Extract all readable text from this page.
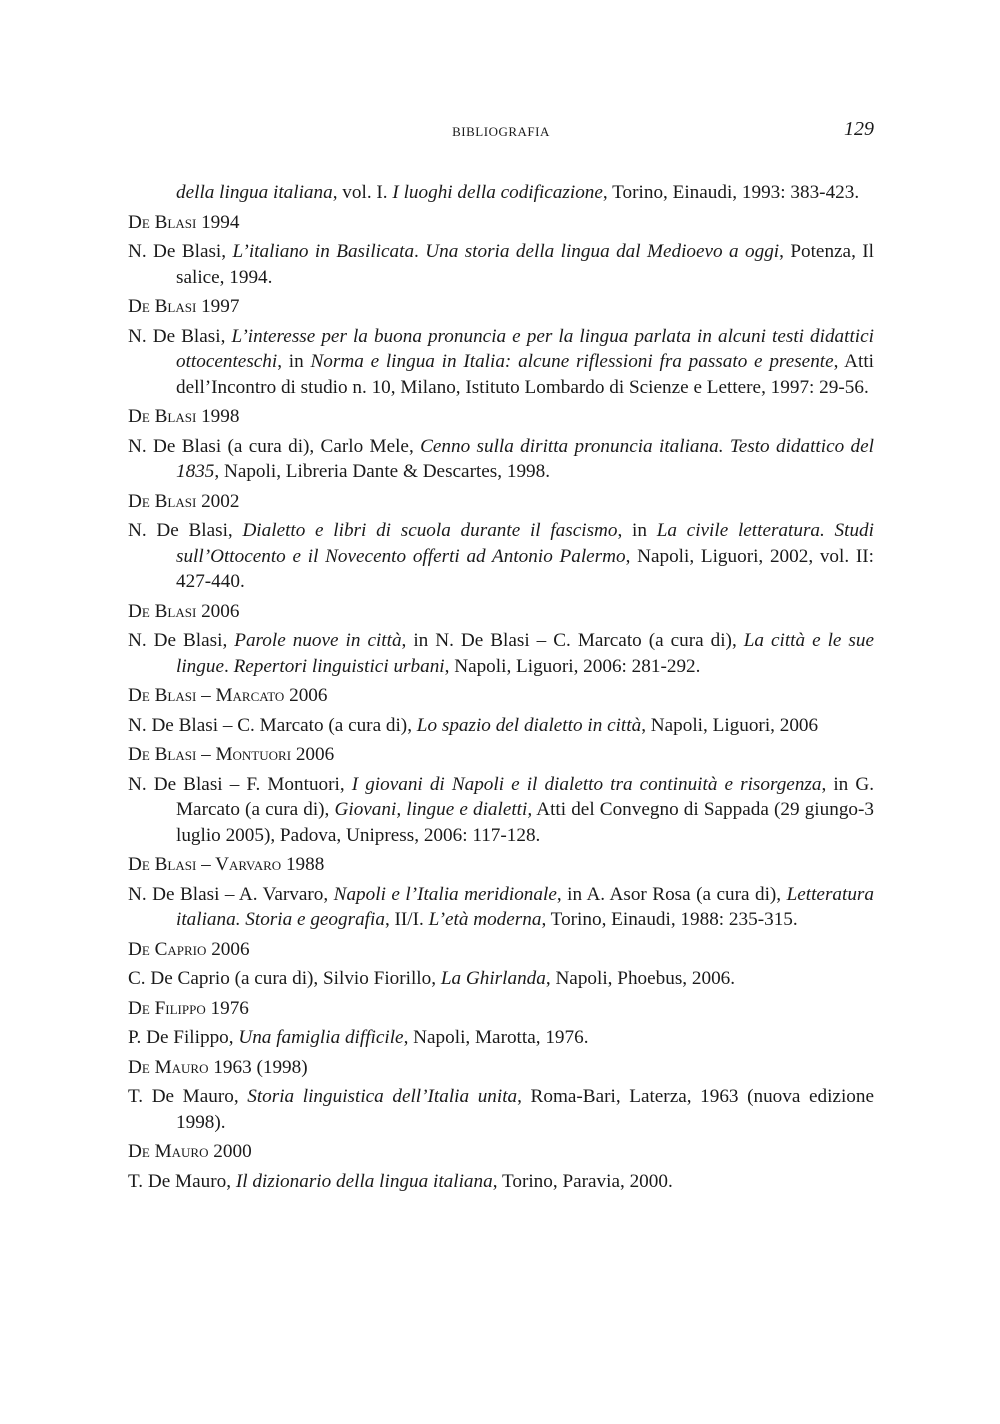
BIBLIOGRAFIA	129

della lingua italiana, vol. I. I luoghi della codificazione, Torino, Einaudi, 1993: 383-423.

De Blasi 1994

N. De Blasi, L’italiano in Basilicata. Una storia della lingua dal Medioevo a oggi, Potenza, Il salice, 1994.

De Blasi 1997

N. De Blasi, L’interesse per la buona pronuncia e per la lingua parlata in alcuni testi didattici ottocenteschi, in Norma e lingua in Italia: alcune riflessioni fra passato e presente, Atti dell’Incontro di studio n. 10, Milano, Istituto Lombardo di Scienze e Lettere, 1997: 29-56.

De Blasi 1998

N. De Blasi (a cura di), Carlo Mele, Cenno sulla diritta pronuncia italiana. Testo didattico del 1835, Napoli, Libreria Dante & Descartes, 1998.

De Blasi 2002

N. De Blasi, Dialetto e libri di scuola durante il fascismo, in La civile letteratura. Studi sull’Ottocento e il Novecento offerti ad Antonio Palermo, Napoli, Liguori, 2002, vol. II: 427-440.

De Blasi 2006

N. De Blasi, Parole nuove in città, in N. De Blasi – C. Marcato (a cura di), La città e le sue lingue. Repertori linguistici urbani, Napoli, Liguori, 2006: 281-292.

De Blasi – Marcato 2006

N. De Blasi – C. Marcato (a cura di), Lo spazio del dialetto in città, Napoli, Liguori, 2006

De Blasi – Montuori 2006

N. De Blasi – F. Montuori, I giovani di Napoli e il dialetto tra continuità e risorgenza, in G. Marcato (a cura di), Giovani, lingue e dialetti, Atti del Convegno di Sappada (29 giungo-3 luglio 2005), Padova, Unipress, 2006: 117-128.

De Blasi – Varvaro 1988

N. De Blasi – A. Varvaro, Napoli e l’Italia meridionale, in A. Asor Rosa (a cura di), Letteratura italiana. Storia e geografia, II/I. L’età moderna, Torino, Einaudi, 1988: 235-315.

De Caprio 2006

C. De Caprio (a cura di), Silvio Fiorillo, La Ghirlanda, Napoli, Phoebus, 2006.

De Filippo 1976

P. De Filippo, Una famiglia difficile, Napoli, Marotta, 1976.

De Mauro 1963 (1998)

T. De Mauro, Storia linguistica dell’Italia unita, Roma-Bari, Laterza, 1963 (nuova edizione 1998).

De Mauro 2000

T. De Mauro, Il dizionario della lingua italiana, Torino, Paravia, 2000.
